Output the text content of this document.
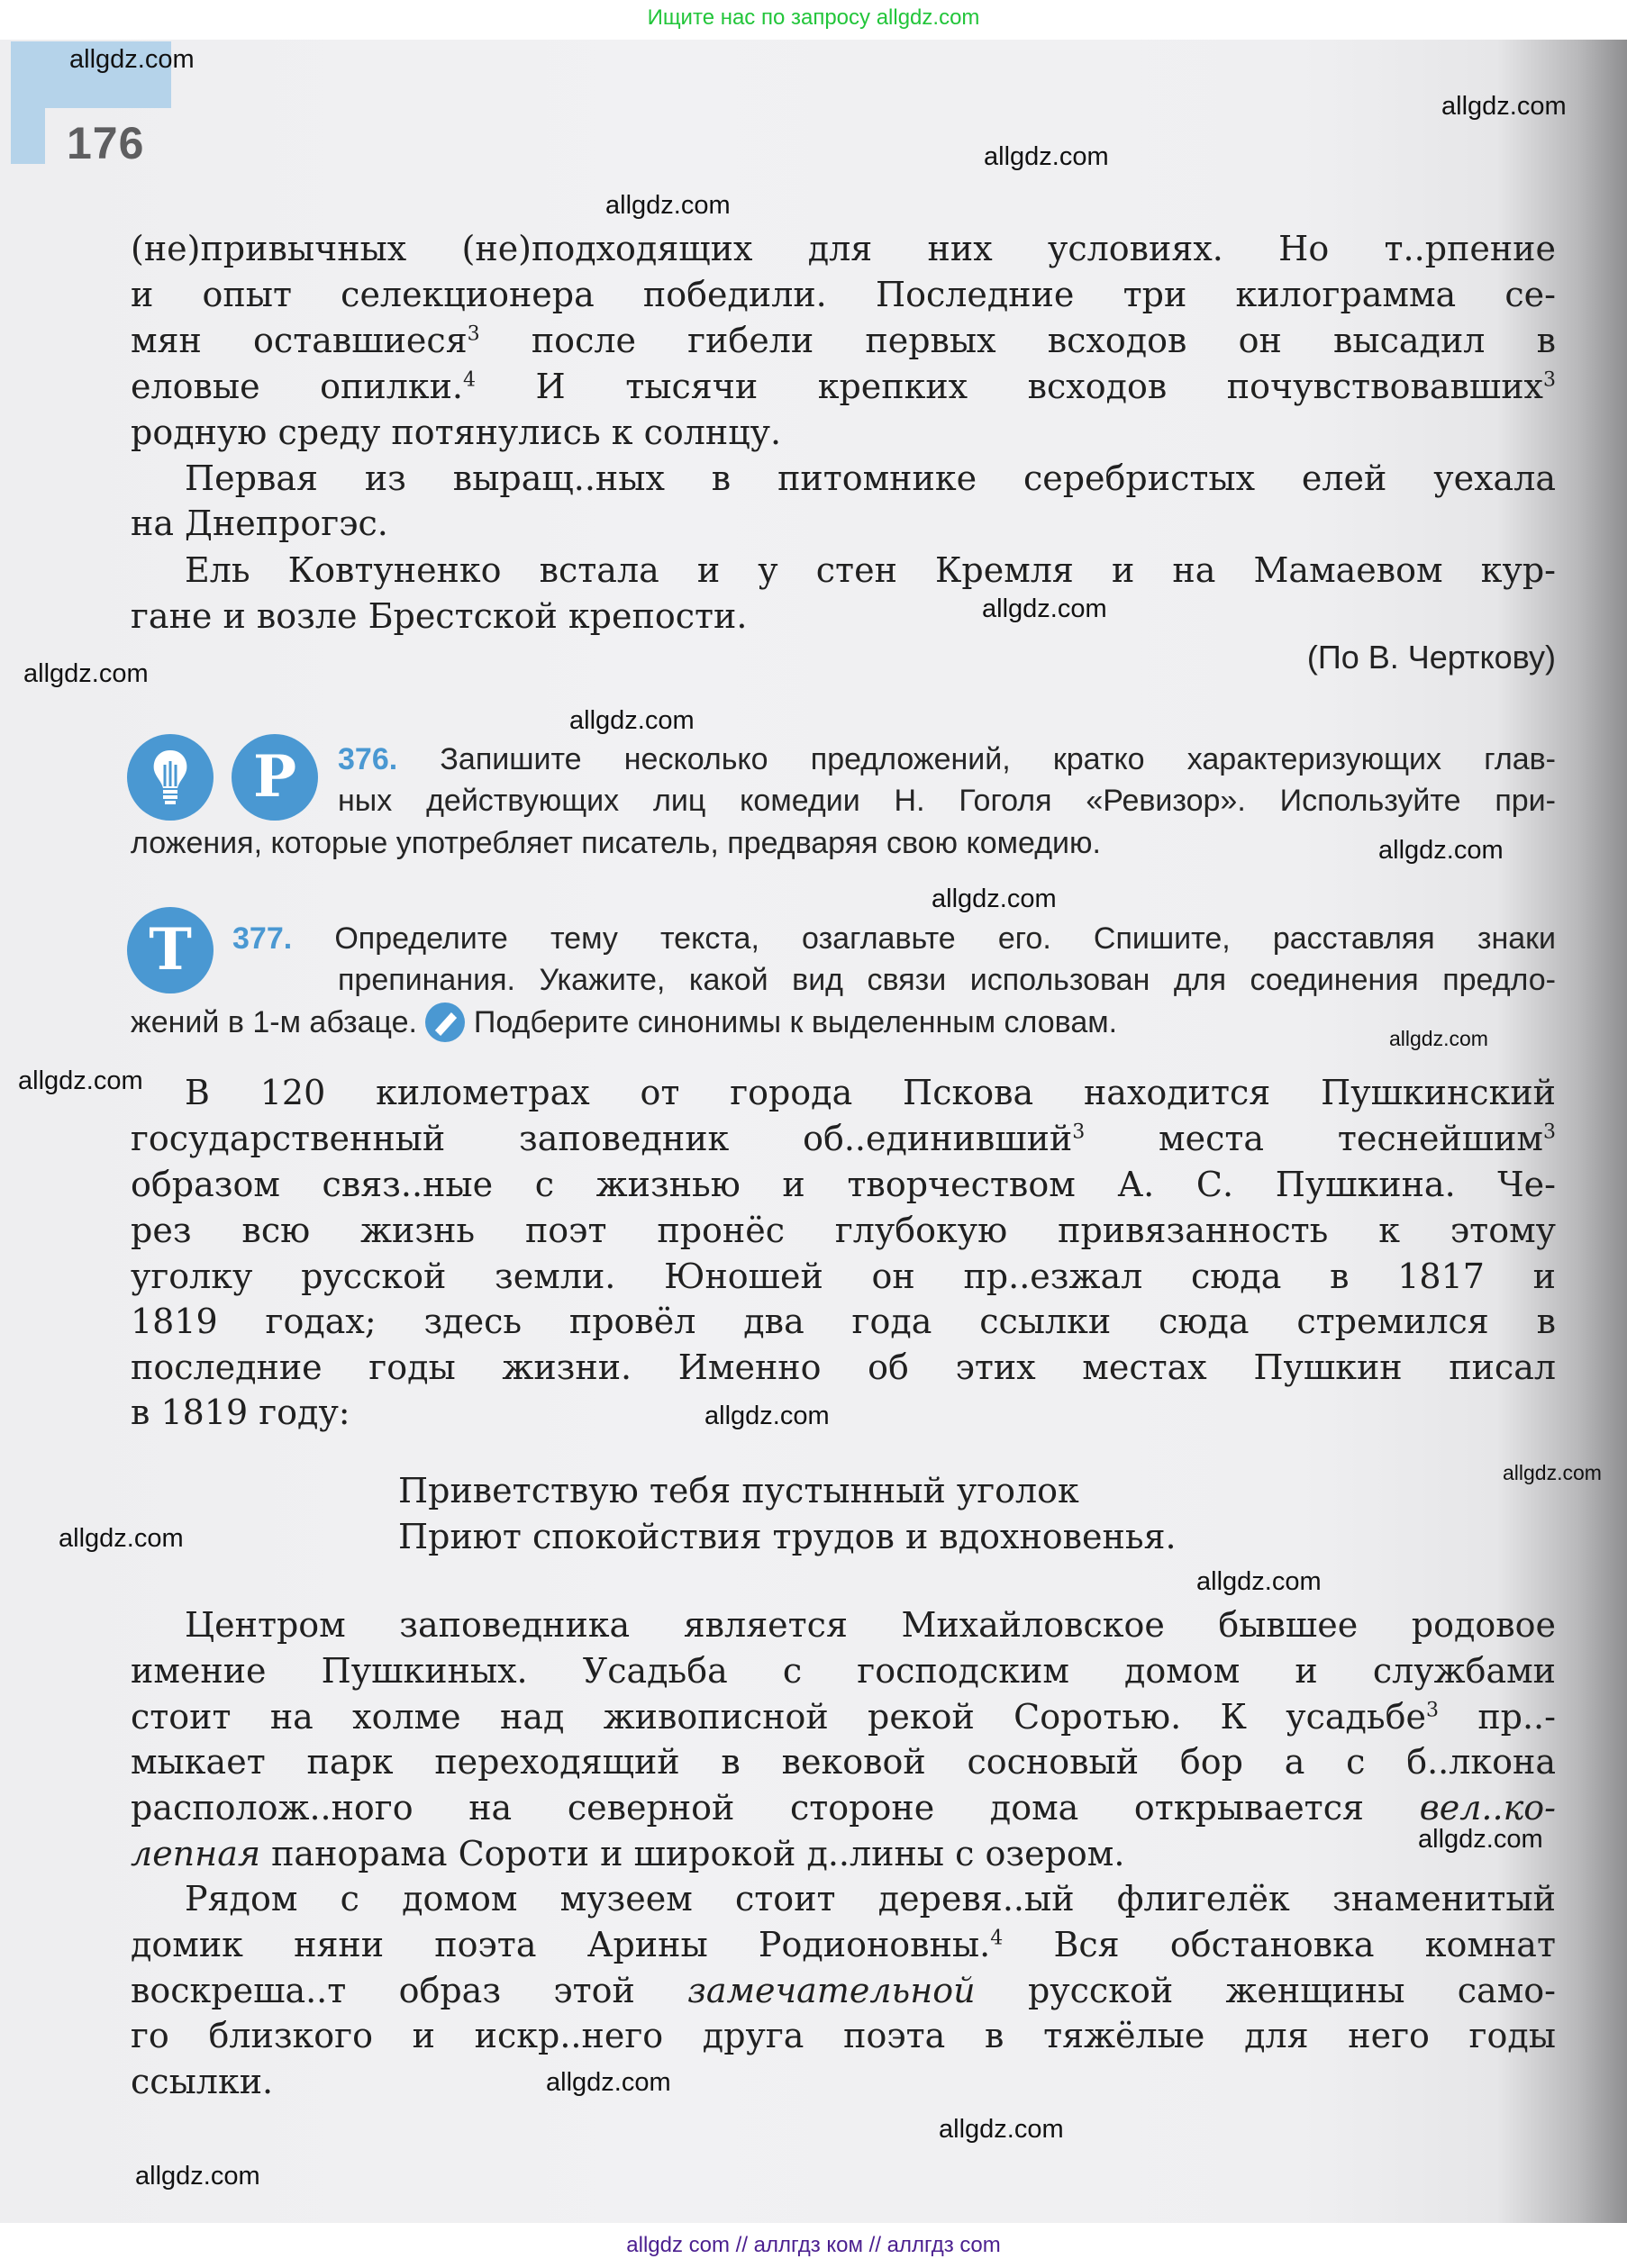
Ищите нас по запросу allgdz.com
176
(не)привычных (не)подходящих для них условиях. Но т..рпение
и опыт селекционера победили. Последние три килограмма се-
мян оставшиеся$^3$ после гибели первых всходов он высадил в
еловые опилки.$^4$ И тысячи крепких всходов почувствовавших$^3$
родную среду потянулись к солнцу.
Первая из выращ..ных в питомнике серебристых елей уехала
на Днепрогэс.
Ель Ковтуненко встала и у стен Кремля и на Мамаевом кур-
гане и возле Брестской крепости.
(По В. Черткову)
Р	376. Запишите несколько предложений, кратко характеризующих глав-
ных действующих лиц комедии Н. Гоголя «Ревизор». Используйте при-
ложения, которые употребляет писатель, предваряя свою комедию.
Т	377. Определите тему текста, озаглавьте его. Спишите, расставляя знаки
препинания. Укажите, какой вид связи использован для соединения предло-
жений в 1-м абзаце. Подберите синонимы к выделенным словам.
В 120 километрах от города Пскова находится Пушкинский
государственный заповедник об..единивший$^3$ места теснейшим$^3$
образом связ..ные с жизнью и творчеством А. С. Пушкина. Че-
рез всю жизнь поэт пронёс глубокую привязанность к этому
уголку русской земли. Юношей он пр..езжал сюда в 1817 и
1819 годах; здесь провёл два года ссылки сюда стремился в
последние годы жизни. Именно об этих местах Пушкин писал
в 1819 году:
Приветствую тебя пустынный уголок
Приют спокойствия трудов и вдохновенья.
Центром заповедника является Михайловское бывшее родовое
имение Пушкиных. Усадьба с господским домом и службами
стоит на холме над живописной рекой Соротью. К усадьбе$^3$ пр..-
мыкает парк переходящий в вековой сосновый бор а с б..лкона
располож..ного на северной стороне дома открывается вел..ко-
лепная панорама Сороти и широкой д..лины с озером.
Рядом с домом музеем стоит деревя..ый флигелёк знаменитый
домик няни поэта Арины Родионовны.$^4$ Вся обстановка комнат
воскреша..т образ этой замечательной русской женщины само-
го близкого и искр..него друга поэта в тяжёлые для него годы
ссылки.
allgdz.com
allgdz.com
allgdz.com
allgdz.com
allgdz.com
allgdz.com
allgdz.com
allgdz.com
allgdz.com
allgdz.com
allgdz.com
allgdz.com
allgdz.com
allgdz.com
allgdz.com
allgdz.com
allgdz.com
allgdz.com
allgdz.com
allgdz com // аллгдз ком // аллгдз com
